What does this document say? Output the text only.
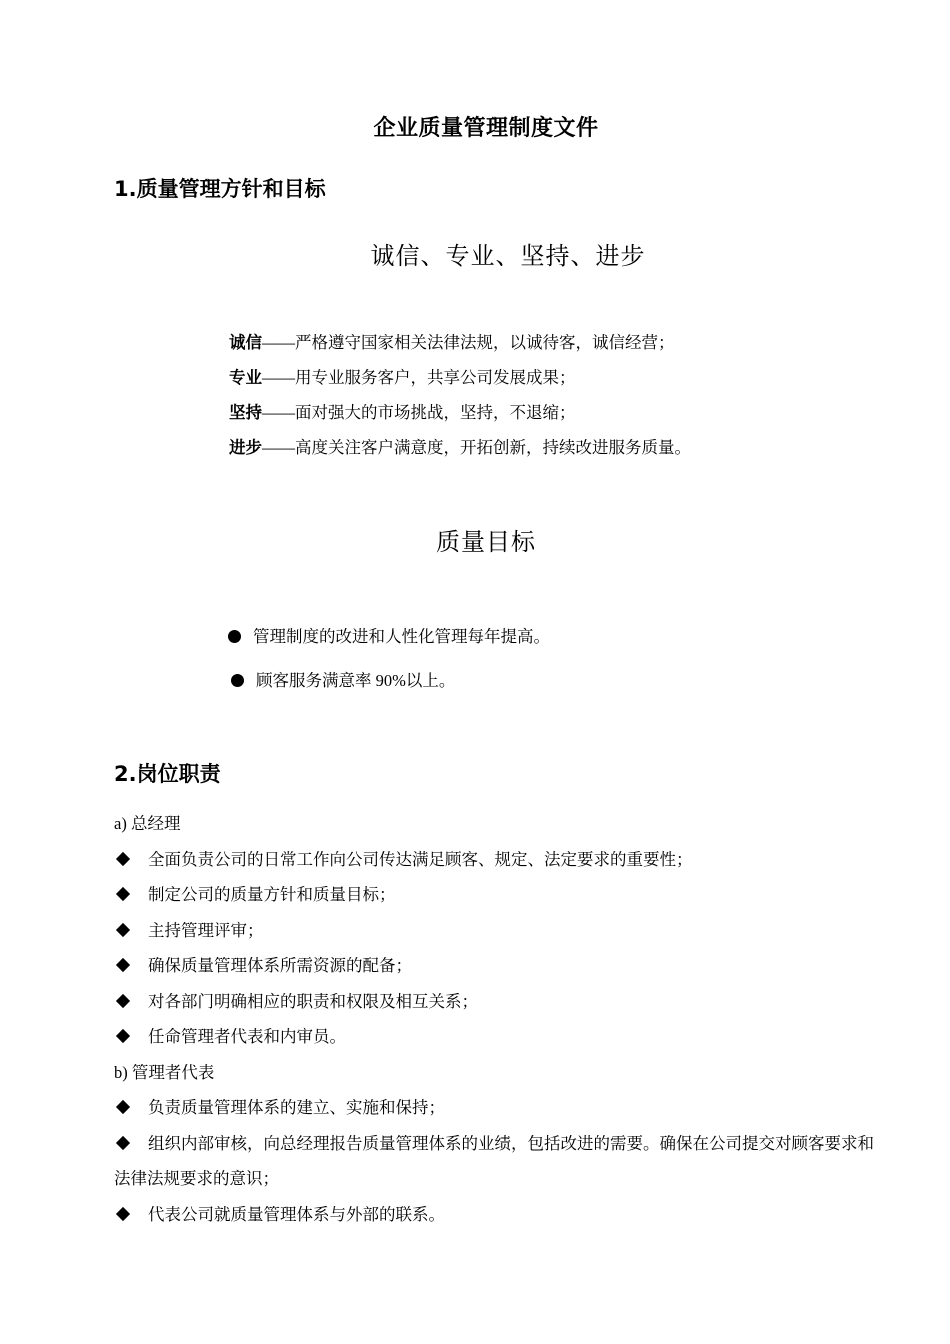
企业质量管理制度文件
1.质量管理方针和目标
诚信、专业、坚持、进步
诚信——严格遵守国家相关法律法规，以诚待客，诚信经营；
专业——用专业服务客户，共享公司发展成果；
坚持——面对强大的市场挑战，坚持，不退缩；
进步——高度关注客户满意度，开拓创新，持续改进服务质量。
质量目标
管理制度的改进和人性化管理每年提高。
顾客服务满意率 90%以上。
2.岗位职责
a) 总经理
全面负责公司的日常工作向公司传达满足顾客、规定、法定要求的重要性；
制定公司的质量方针和质量目标；
主持管理评审；
确保质量管理体系所需资源的配备；
对各部门明确相应的职责和权限及相互关系；
任命管理者代表和内审员。
b) 管理者代表
负责质量管理体系的建立、实施和保持；
组织内部审核，向总经理报告质量管理体系的业绩，包括改进的需要。确保在公司提交对顾客要求和法律法规要求的意识；
代表公司就质量管理体系与外部的联系。
